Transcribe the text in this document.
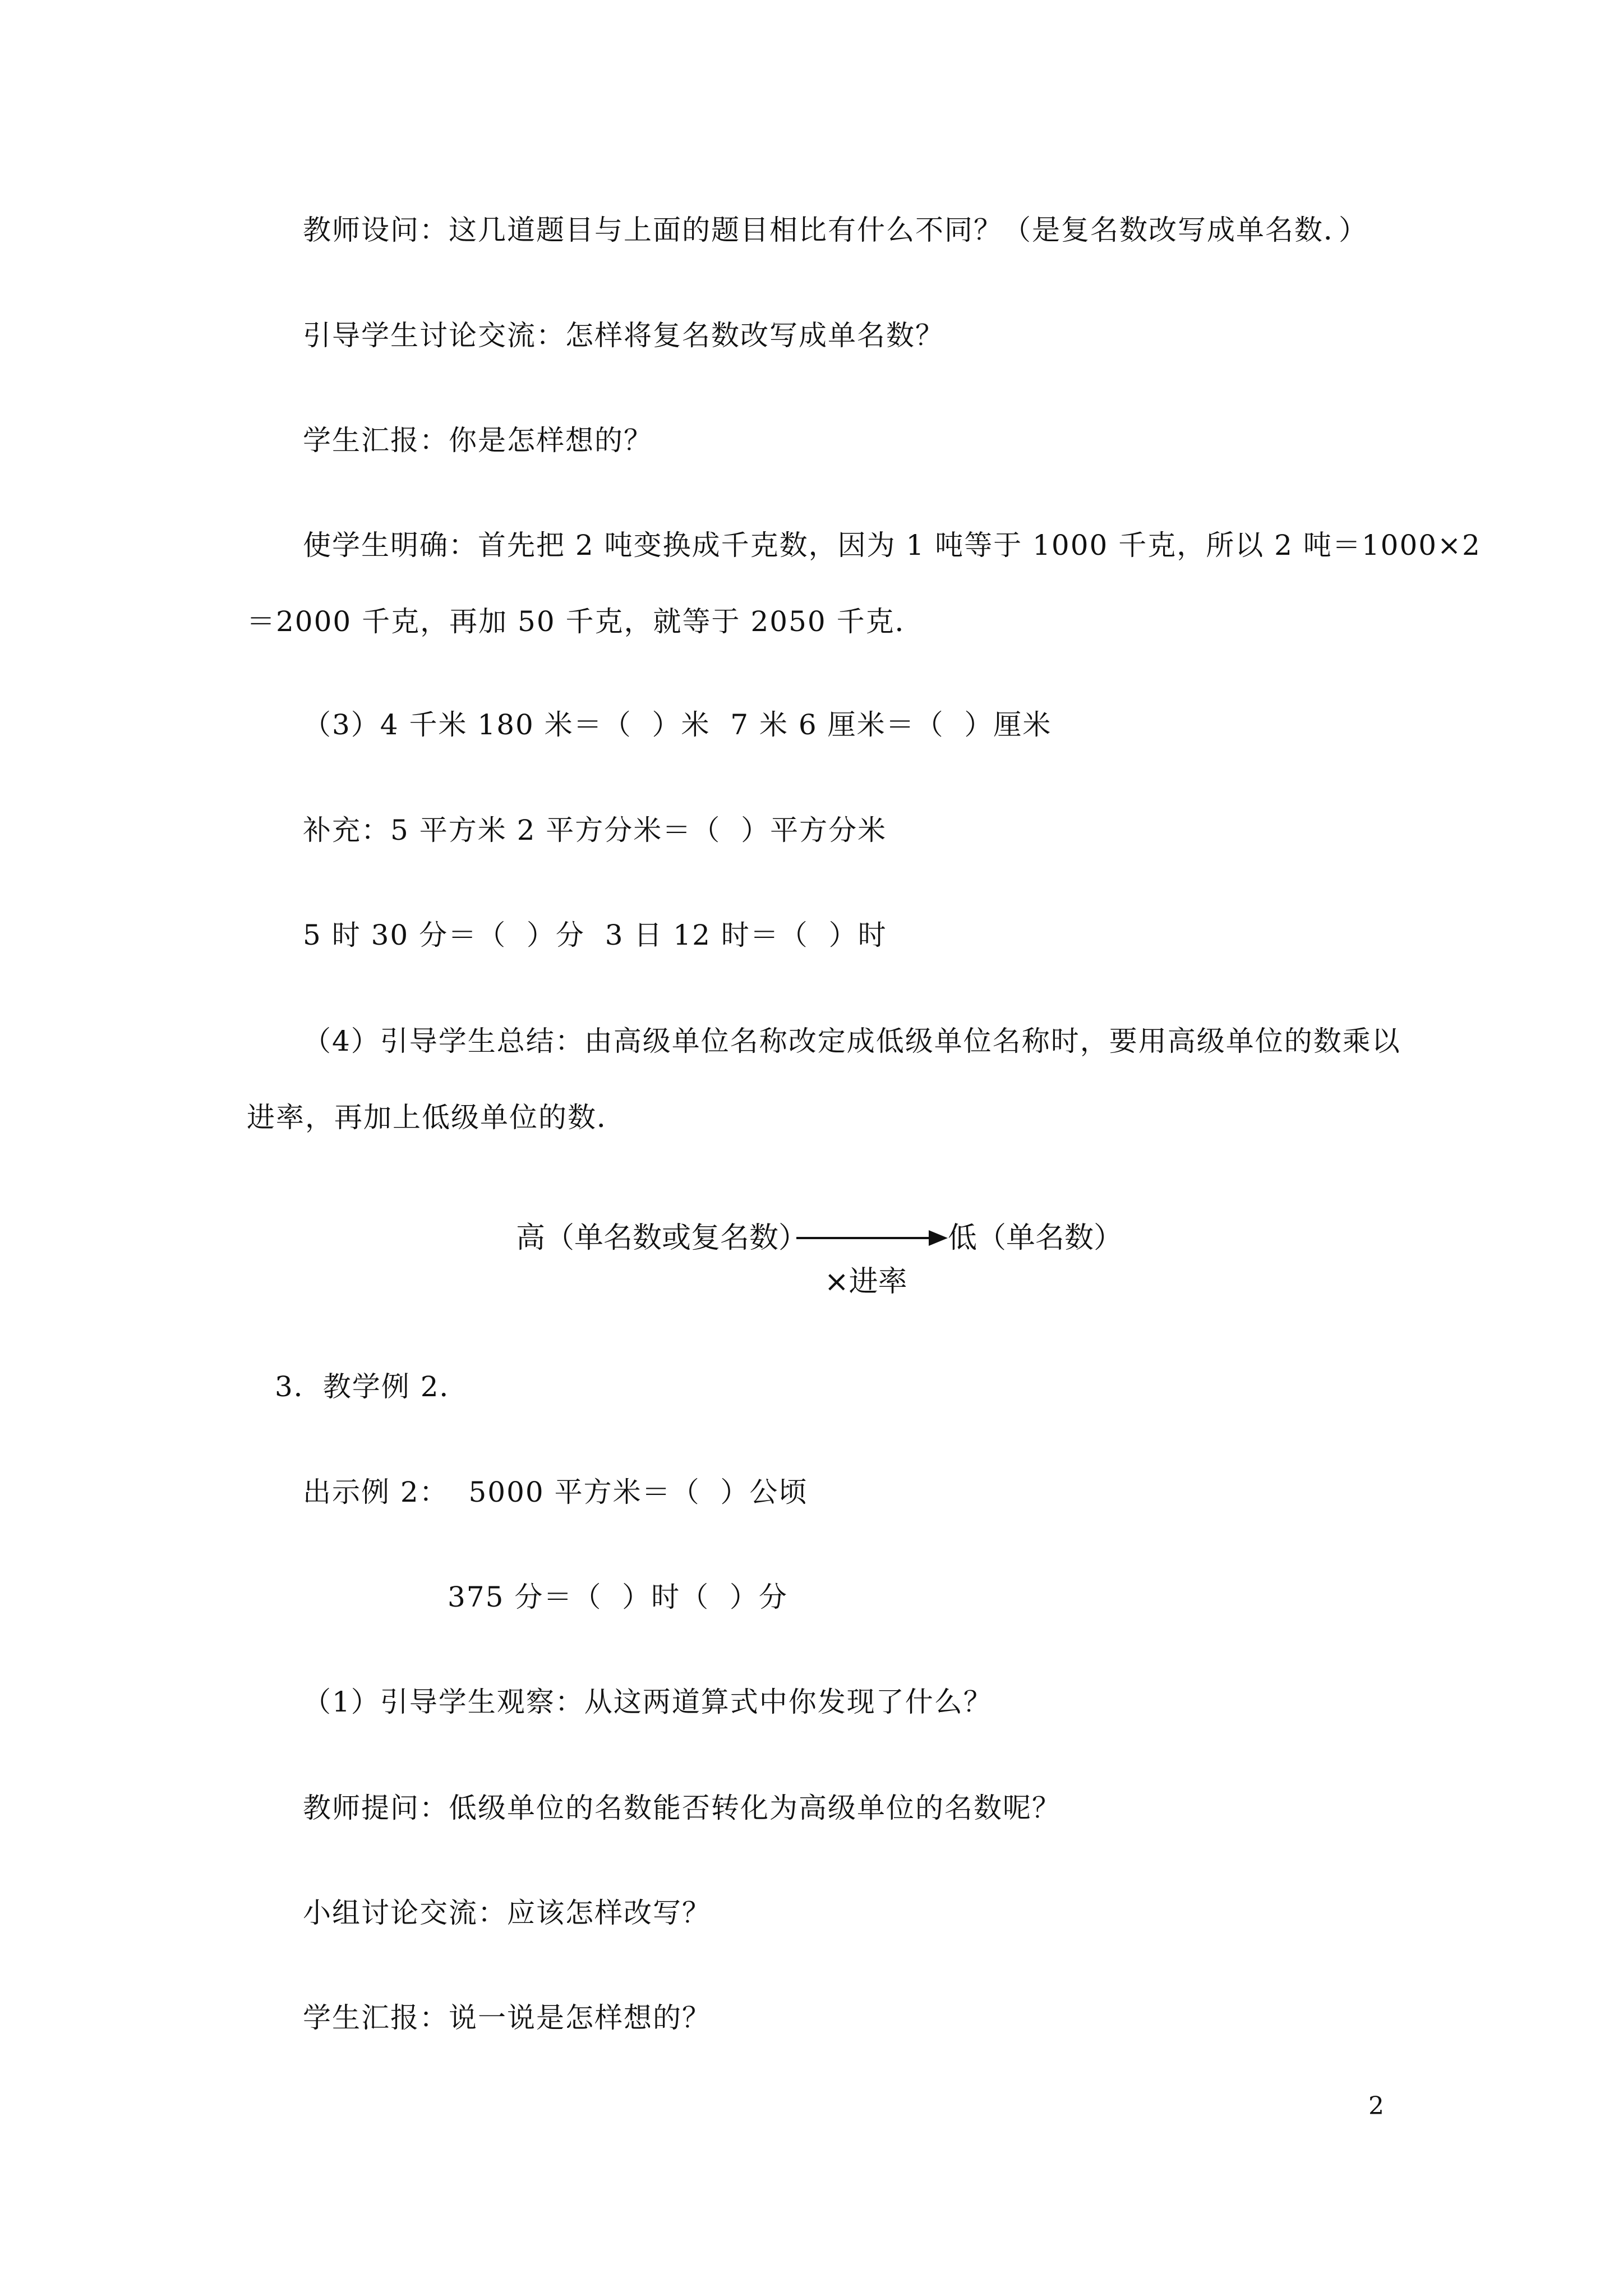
教师设问：这几道题目与上面的题目相比有什么不同？（是复名数改写成单名数．）
引导学生讨论交流：怎样将复名数改写成单名数？
学生汇报：你是怎样想的？
使学生明确：首先把 2 吨变换成千克数，因为 1 吨等于 1000 千克，所以 2 吨＝1000×2
＝2000 千克，再加 50 千克，就等于 2050 千克．
（3）4 千米 180 米＝（  ）米  7 米 6 厘米＝（  ）厘米
补充：5 平方米 2 平方分米＝（  ）平方分米
5 时 30 分＝（  ）分  3 日 12 时＝（  ）时
（4）引导学生总结：由高级单位名称改定成低级单位名称时，要用高级单位的数乘以
进率，再加上低级单位的数．
高（单名数或复名数）	低（单名数）
×进率
3．教学例 2．
出示例 2：  5000 平方米＝（  ）公顷
375 分＝（  ）时（  ）分
（1）引导学生观察：从这两道算式中你发现了什么？
教师提问：低级单位的名数能否转化为高级单位的名数呢？
小组讨论交流：应该怎样改写？
学生汇报：说一说是怎样想的？
2
